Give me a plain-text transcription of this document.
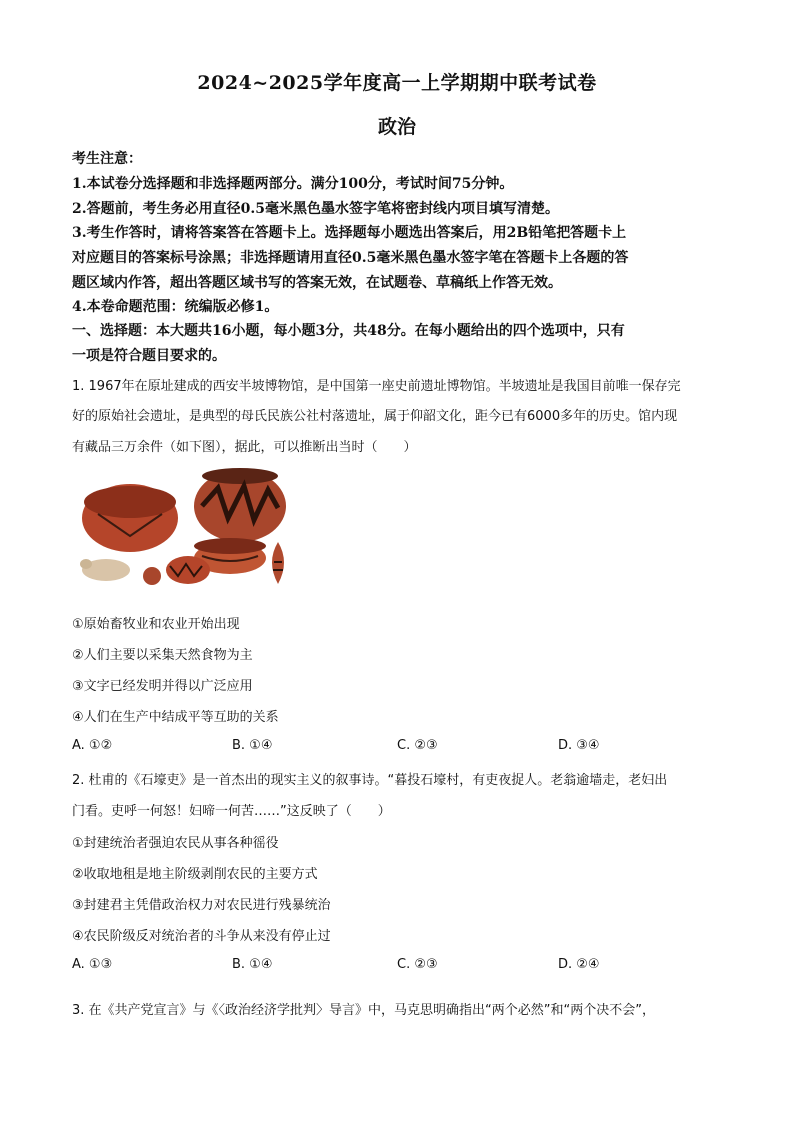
2024~2025学年度高一上学期期中联考试卷
政治
考生注意：
1.本试卷分选择题和非选择题两部分。满分100分，考试时间75分钟。
2.答题前，考生务必用直径0.5毫米黑色墨水签字笔将密封线内项目填写清楚。
3.考生作答时，请将答案答在答题卡上。选择题每小题选出答案后，用2B铅笔把答题卡上
对应题目的答案标号涂黑；非选择题请用直径0.5毫米黑色墨水签字笔在答题卡上各题的答
题区域内作答，超出答题区域书写的答案无效，在试题卷、草稿纸上作答无效。
4.本卷命题范围：统编版必修1。
一、选择题：本大题共16小题，每小题3分，共48分。在每小题给出的四个选项中，只有
一项是符合题目要求的。
1. 1967年在原址建成的西安半坡博物馆，是中国第一座史前遗址博物馆。半坡遗址是我国目前唯一保存完
好的原始社会遗址，是典型的母氏民族公社村落遗址，属于仰韶文化，距今已有6000多年的历史。馆内现
有藏品三万余件（如下图），据此，可以推断出当时（　　）
①原始畜牧业和农业开始出现
②人们主要以采集天然食物为主
③文字已经发明并得以广泛应用
④人们在生产中结成平等互助的关系
A. ①②	B. ①④	C. ②③	D. ③④
2. 杜甫的《石壕吏》是一首杰出的现实主义的叙事诗。“暮投石壕村，有吏夜捉人。老翁逾墙走，老妇出
门看。吏呼一何怒！妇啼一何苦……”这反映了（　　）
①封建统治者强迫农民从事各种徭役
②收取地租是地主阶级剥削农民的主要方式
③封建君主凭借政治权力对农民进行残暴统治
④农民阶级反对统治者的斗争从来没有停止过
A. ①③	B. ①④	C. ②③	D. ②④
3. 在《共产党宣言》与《〈政治经济学批判〉导言》中，马克思明确指出“两个必然”和“两个决不会”，
